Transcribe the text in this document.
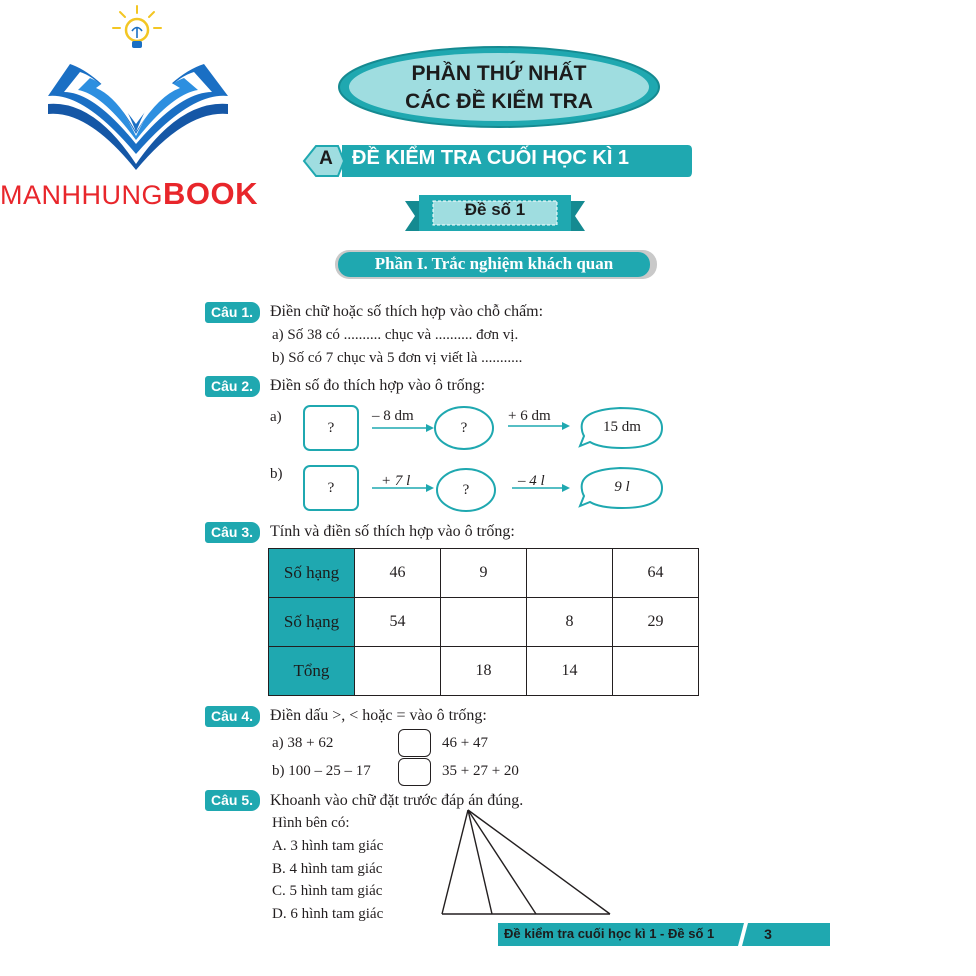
MANHHUNGBOOK
PHẦN THỨ NHẤT
CÁC ĐỀ KIỂM TRA
A ĐỀ KIỂM TRA CUỐI HỌC KÌ 1
Đề số 1
Phần I. Trắc nghiệm khách quan
Câu 1.	Điền chữ hoặc số thích hợp vào chỗ chấm:
a) Số 38 có .......... chục và .......... đơn vị.
b) Số có 7 chục và 5 đơn vị viết là ...........
Câu 2.	Điền số đo thích hợp vào ô trống:
a)
?
– 8 dm
?
+ 6 dm
15 dm
b)
?	+ 7 l
?
– 4 l	9 l
Câu 3.	Tính và điền số thích hợp vào ô trống:
Số hạng	46	9		64
Số hạng	54		8	29
Tổng		18	14	
Câu 4.	Điền dấu >, < hoặc = vào ô trống:
a) 38 + 62	46 + 47
b) 100 – 25 – 17	35 + 27 + 20
Câu 5.	Khoanh vào chữ đặt trước đáp án đúng.
Hình bên có:
A. 3 hình tam giác
B. 4 hình tam giác
C. 5 hình tam giác
D. 6 hình tam giác
Đề kiểm tra cuối học kì 1 - Đề số 1	3
